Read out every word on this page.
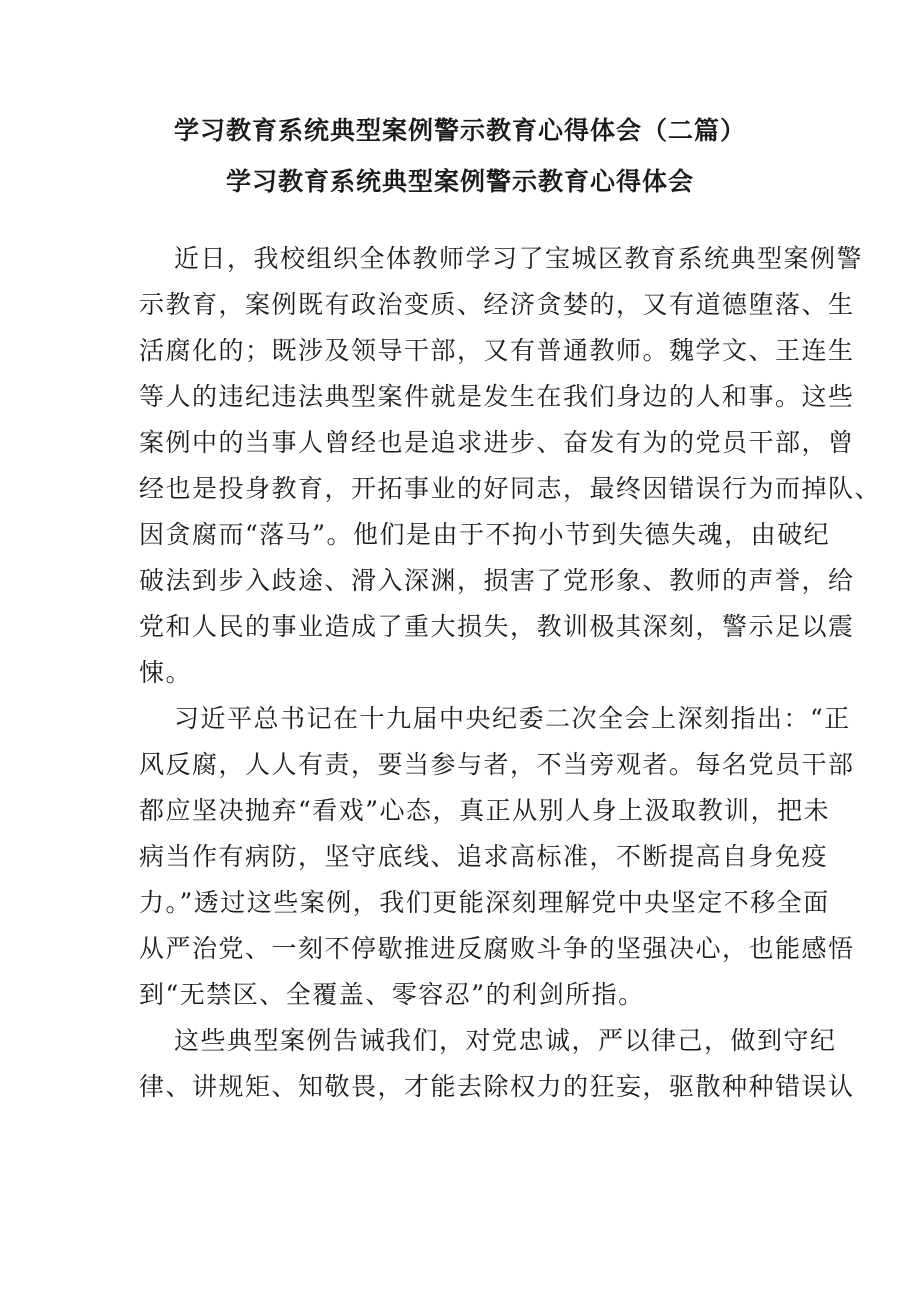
学习教育系统典型案例警示教育心得体会（二篇）
学习教育系统典型案例警示教育心得体会
近日，我校组织全体教师学习了宝城区教育系统典型案例警
示教育，案例既有政治变质、经济贪婪的，又有道德堕落、生
活腐化的；既涉及领导干部，又有普通教师。魏学文、王连生
等人的违纪违法典型案件就是发生在我们身边的人和事。这些
案例中的当事人曾经也是追求进步、奋发有为的党员干部，曾
经也是投身教育，开拓事业的好同志，最终因错误行为而掉队、
因贪腐而“落马”。他们是由于不拘小节到失德失魂，由破纪
破法到步入歧途、滑入深渊，损害了党形象、教师的声誉，给
党和人民的事业造成了重大损失，教训极其深刻，警示足以震
悚。
习近平总书记在十九届中央纪委二次全会上深刻指出：“正
风反腐，人人有责，要当参与者，不当旁观者。每名党员干部
都应坚决抛弃“看戏”心态，真正从别人身上汲取教训，把未
病当作有病防，坚守底线、追求高标准，不断提高自身免疫
力。”透过这些案例，我们更能深刻理解党中央坚定不移全面
从严治党、一刻不停歇推进反腐败斗争的坚强决心，也能感悟
到“无禁区、全覆盖、零容忍”的利剑所指。
这些典型案例告诫我们，对党忠诚，严以律己，做到守纪
律、讲规矩、知敬畏，才能去除权力的狂妄，驱散种种错误认
